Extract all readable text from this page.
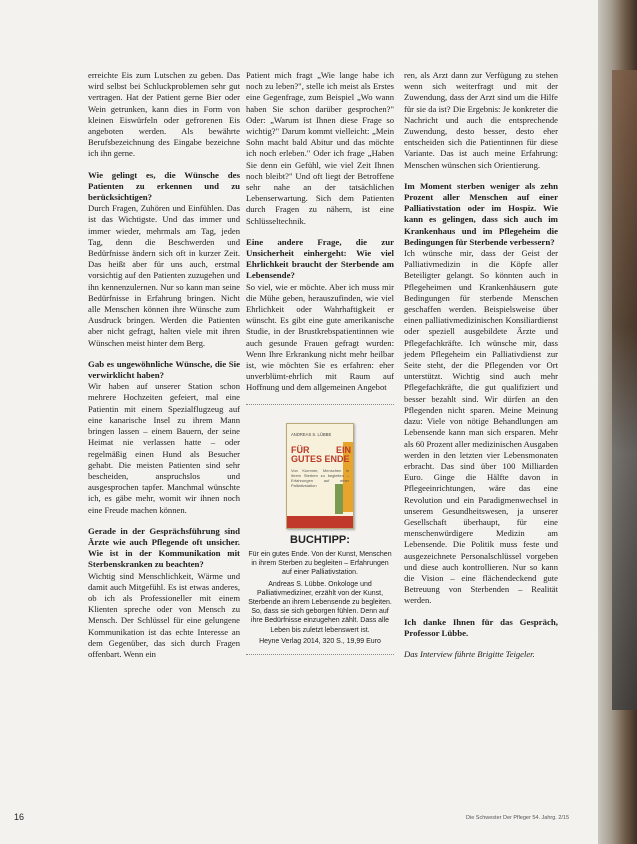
erreichte Eis zum Lutschen zu geben. Das wird selbst bei Schluckproblemen sehr gut vertragen. Hat der Patient gerne Bier oder Wein getrunken, kann dies in Form von kleinen Eiswürfeln oder gefrorenen Eis angeboten werden. Als bewährte Berufsbezeichnung des Eingabe bezeichne ich ihn gerne.

Wie gelingt es, die Wünsche des Patienten zu erkennen und zu berücksichtigen?

Durch Fragen, Zuhören und Einfühlen. Das ist das Wichtigste. Und das immer und immer wieder, mehrmals am Tag, jeden Tag, denn die Beschwerden und Bedürfnisse ändern sich oft in kurzer Zeit. Das heißt aber für uns auch, erstmal vorsichtig auf den Patienten zuzugehen und ihn kennenzulernen. Nur so kann man seine Bedürfnisse in Erfahrung bringen. Nicht alle Menschen können ihre Wünsche zum Ausdruck bringen. Werden die Patienten aber nicht gefragt, halten viele mit ihren Wünschen meist hinter dem Berg.

Gab es ungewöhnliche Wünsche, die Sie verwirklicht haben?

Wir haben auf unserer Station schon mehrere Hochzeiten gefeiert, mal eine Patientin mit einem Spezialflugzeug auf eine kanarische Insel zu ihrem Mann bringen lassen – einem Bauern, der seine Heimat nie verlassen hatte – oder regelmäßig einen Hund als Besucher gehabt. Die meisten Patienten sind sehr bescheiden, anspruchslos und ausgesprochen tapfer. Manchmal wünschte ich, es gäbe mehr, womit wir ihnen noch eine Freude machen können.

Gerade in der Gesprächsführung sind Ärzte wie auch Pflegende oft unsicher. Wie ist in der Kommunikation mit Sterbenskranken zu beachten?

Wichtig sind Menschlichkeit, Wärme und damit auch Mitgefühl. Es ist etwas anderes, ob ich als Professioneller mit einem Klienten spreche oder von Mensch zu Mensch. Der Schlüssel für eine gelungene Kommunikation ist das echte Interesse an dem Gegenüber, das sich durch Fragen offenbart. Wenn ein

Patient mich fragt „Wie lange habe ich noch zu leben?", stelle ich meist als Erstes eine Gegenfrage, zum Beispiel „Wo wann haben Sie schon darüber gesprochen?" Oder: „Warum ist Ihnen diese Frage so wichtig?" Darum kommt vielleicht: „Mein Sohn macht bald Abitur und das möchte ich noch erleben." Oder ich frage „Haben Sie denn ein Gefühl, wie viel Zeit Ihnen noch bleibt?" Und oft liegt der Betroffene sehr nahe an der tatsächlichen Lebenserwartung. Sich dem Patienten durch Fragen zu nähern, ist eine Schlüsseltechnik.

Eine andere Frage, die zur Unsicherheit einhergeht: Wie viel Ehrlichkeit braucht der Sterbende am Lebensende?

So viel, wie er möchte. Aber ich muss mir die Mühe geben, herauszufinden, wie viel Ehrlichkeit oder Wahrhaftigkeit er wünscht. Es gibt eine gute amerikanische Studie, in der Brustkrebspatientinnen wie auch gesunde Frauen gefragt wurden: Wenn Ihre Erkrankung nicht mehr heilbar ist, wie möchten Sie es erfahren: eher unverblümt-ehrlich mit Raum auf Hoffnung und dem allgemeinen Angebot

ANDREAS S. LÜBBE
FÜR EIN GUTES ENDE
Von Kummer, Menschen in ihrem Sterben zu begleiten – Erfahrungen auf einer Palliativstation
BUCHTIPP:

Für ein gutes Ende. Von der Kunst, Menschen in ihrem Sterben zu begleiten – Erfahrungen auf einer Palliativstation.

Andreas S. Lübbe. Onkologe und Palliativmediziner, erzählt von der Kunst, Sterbende an ihrem Lebensende zu begleiten. So, dass sie sich geborgen fühlen. Denn auf ihre Bedürfnisse einzugehen zählt. Dass alle Leben bis zuletzt lebenswert ist.

Heyne Verlag 2014, 320 S., 19,99 Euro

ren, als Arzt dann zur Verfügung zu stehen wenn sich weiterfragt und mit der Zuwendung, dass der Arzt sind um die Hilfe für sie da ist? Die Ergebnis: Je konkreter die Nachricht und auch die entsprechende Zuwendung, desto besser, desto eher entscheiden sich die Patientinnen für diese Variante. Das ist auch meine Erfahrung: Menschen wünschen sich Orientierung.

Im Moment sterben weniger als zehn Prozent aller Menschen auf einer Palliativstation oder im Hospiz. Wie kann es gelingen, dass sich auch im Krankenhaus und im Pflegeheim die Bedingungen für Sterbende verbessern?

Ich wünsche mir, dass der Geist der Palliativmedizin in die Köpfe aller Beteiligter gelangt. So könnten auch in Pflegeheimen und Krankenhäusern gute Bedingungen für sterbende Menschen geschaffen werden. Beispielsweise über einen palliativmedizinischen Konsiliardienst oder speziell ausgebildete Ärzte und Pflegefachkräfte. Ich wünsche mir, dass jedem Pflegeheim ein Palliativdienst zur Seite steht, der die Pflegenden vor Ort unterstützt. Wichtig sind auch mehr Pflegefachkräfte, die gut qualifiziert und besser bezahlt sind. Wir dürfen an den Pflegenden nicht sparen. Meine Meinung dazu: Viele von nötige Behandlungen am Lebensende kann man sich ersparen. Mehr als 60 Prozent aller medizinischen Ausgaben werden in den letzten vier Lebensmonaten erbracht. Das sind über 100 Milliarden Euro. Ginge die Hälfte davon in Pflegeeinrichtungen, wäre das eine Revolution und ein Paradigmenwechsel in unserem Gesundheitswesen, ja unserer Gesellschaft überhaupt, für eine menschenwürdigere Medizin am Lebensende. Die Politik muss feste und ausgezeichnete Personalschlüssel vorgeben und diese auch kontrollieren. Nur so kann die Vision – eine flächendeckend gute Betreuung von Sterbenden – Realität werden.

Ich danke Ihnen für das Gespräch, Professor Lübbe.

Das Interview führte Brigitte Teigeler.

16	Die Schwester Der Pfleger 54. Jahrg. 2/15
